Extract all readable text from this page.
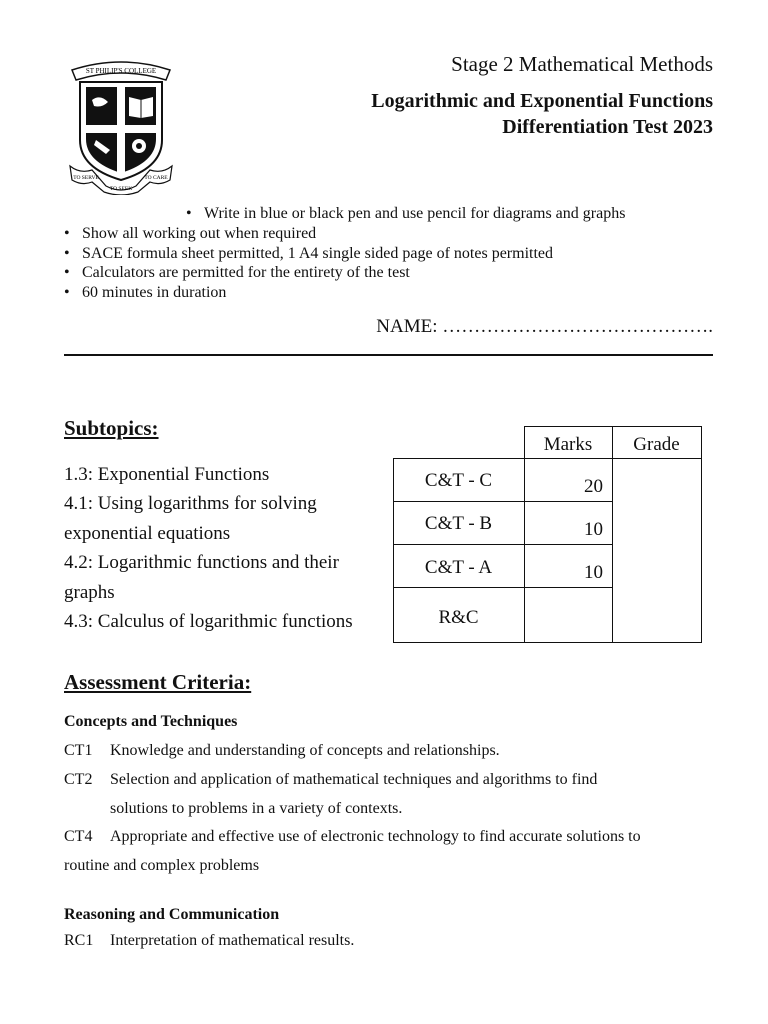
ST PHILIP'S COLLEGE
TO SERVE	TO CARE
TO SEEK
Stage 2 Mathematical Methods
Logarithmic and Exponential Functions
Differentiation Test 2023
• Write in blue or black pen and use pencil for diagrams and graphs
• Show all working out when required
• SACE formula sheet permitted, 1 A4 single sided page of notes permitted
• Calculators are permitted for the entirety of the test
• 60 minutes in duration
NAME: …………………………………….
Subtopics:
1.3: Exponential Functions
4.1: Using logarithms for solving
exponential equations
4.2: Logarithmic functions and their
graphs
4.3: Calculus of logarithmic functions
Marks	Grade
C&T - C
C&T - B
C&T - A
R&C
20
10
10
Assessment Criteria:
Concepts and Techniques
CT1 Knowledge and understanding of concepts and relationships.
CT2 Selection and application of mathematical techniques and algorithms to find
solutions to problems in a variety of contexts.
CT4 Appropriate and effective use of electronic technology to find accurate solutions to
routine and complex problems
Reasoning and Communication
RC1 Interpretation of mathematical results.
